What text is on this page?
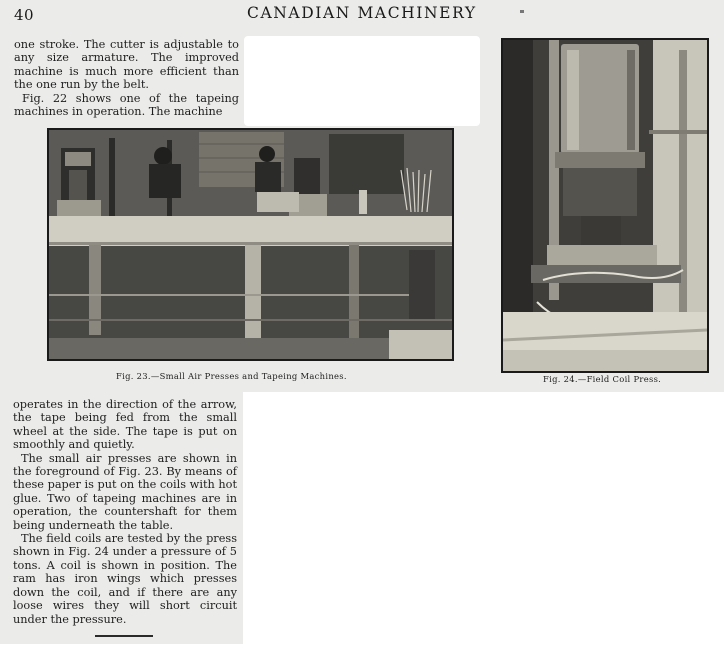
40	CANADIAN MACHINERY

one stroke. The cutter is adjustable to any size armature. The improved machine is much more efficient than the one run by the belt.

Fig. 22 shows one of the tapeing machines in operation. The machine

Fig. 23.—Small Air Presses and Tapeing Machines.	Fig. 24.—Field Coil Press.

operates in the direction of the arrow, the tape being fed from the small wheel at the side. The tape is put on smoothly and quietly.

The small air presses are shown in the foreground of Fig. 23. By means of these paper is put on the coils with hot glue. Two of tapeing machines are in operation, the countershaft for them being underneath the table.

The field coils are tested by the press shown in Fig. 24 under a pressure of 5 tons. A coil is shown in position. The ram has iron wings which presses down the coil, and if there are any loose wires they will short circuit under the pressure.
